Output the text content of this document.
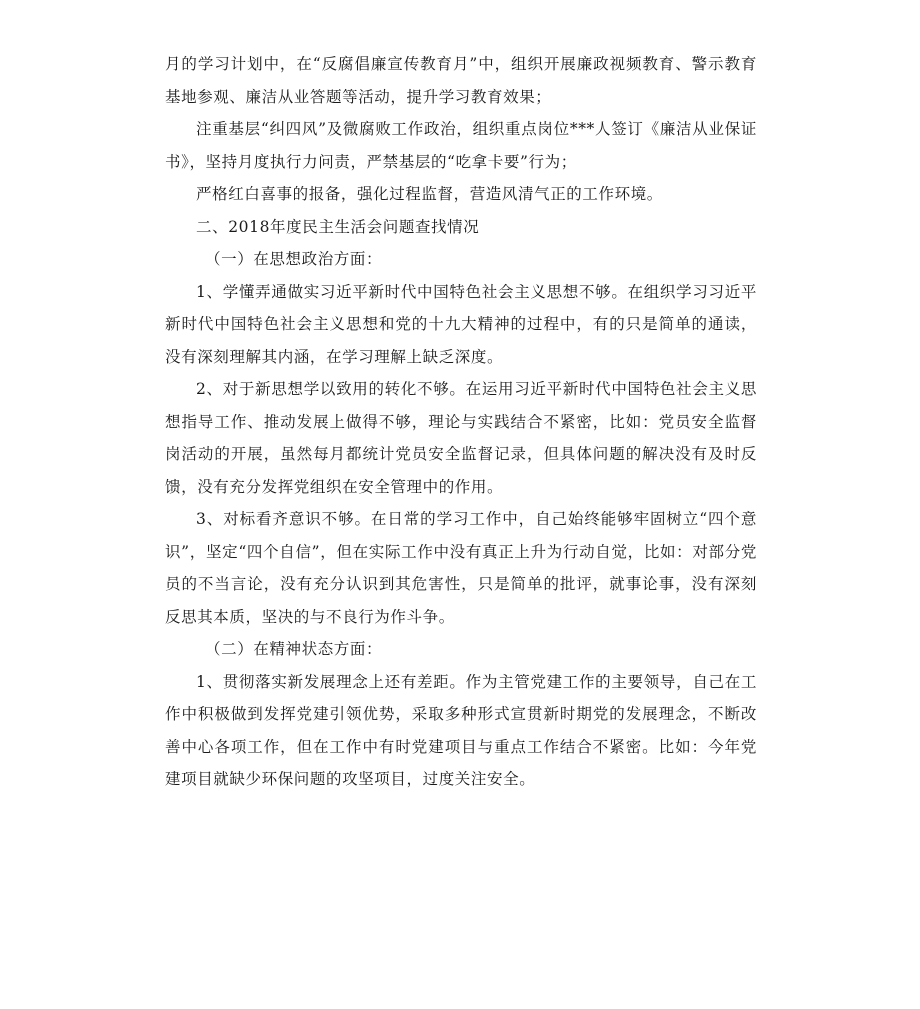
月的学习计划中，在“反腐倡廉宣传教育月”中，组织开展廉政视频教育、警示教育基地参观、廉洁从业答题等活动，提升学习教育效果；

注重基层“纠四风”及微腐败工作政治，组织重点岗位***人签订《廉洁从业保证书》，坚持月度执行力问责，严禁基层的“吃拿卡要”行为；

严格红白喜事的报备，强化过程监督，营造风清气正的工作环境。

二、2018年度民主生活会问题查找情况

（一）在思想政治方面：

1、学懂弄通做实习近平新时代中国特色社会主义思想不够。在组织学习习近平新时代中国特色社会主义思想和党的十九大精神的过程中，有的只是简单的通读，没有深刻理解其内涵，在学习理解上缺乏深度。

2、对于新思想学以致用的转化不够。在运用习近平新时代中国特色社会主义思想指导工作、推动发展上做得不够，理论与实践结合不紧密，比如：党员安全监督岗活动的开展，虽然每月都统计党员安全监督记录，但具体问题的解决没有及时反馈，没有充分发挥党组织在安全管理中的作用。

3、对标看齐意识不够。在日常的学习工作中，自己始终能够牢固树立“四个意识”，坚定“四个自信”，但在实际工作中没有真正上升为行动自觉，比如：对部分党员的不当言论，没有充分认识到其危害性，只是简单的批评，就事论事，没有深刻反思其本质，坚决的与不良行为作斗争。

（二）在精神状态方面：

1、贯彻落实新发展理念上还有差距。作为主管党建工作的主要领导，自己在工作中积极做到发挥党建引领优势，采取多种形式宣贯新时期党的发展理念，不断改善中心各项工作，但在工作中有时党建项目与重点工作结合不紧密。比如：今年党建项目就缺少环保问题的攻坚项目，过度关注安全。
